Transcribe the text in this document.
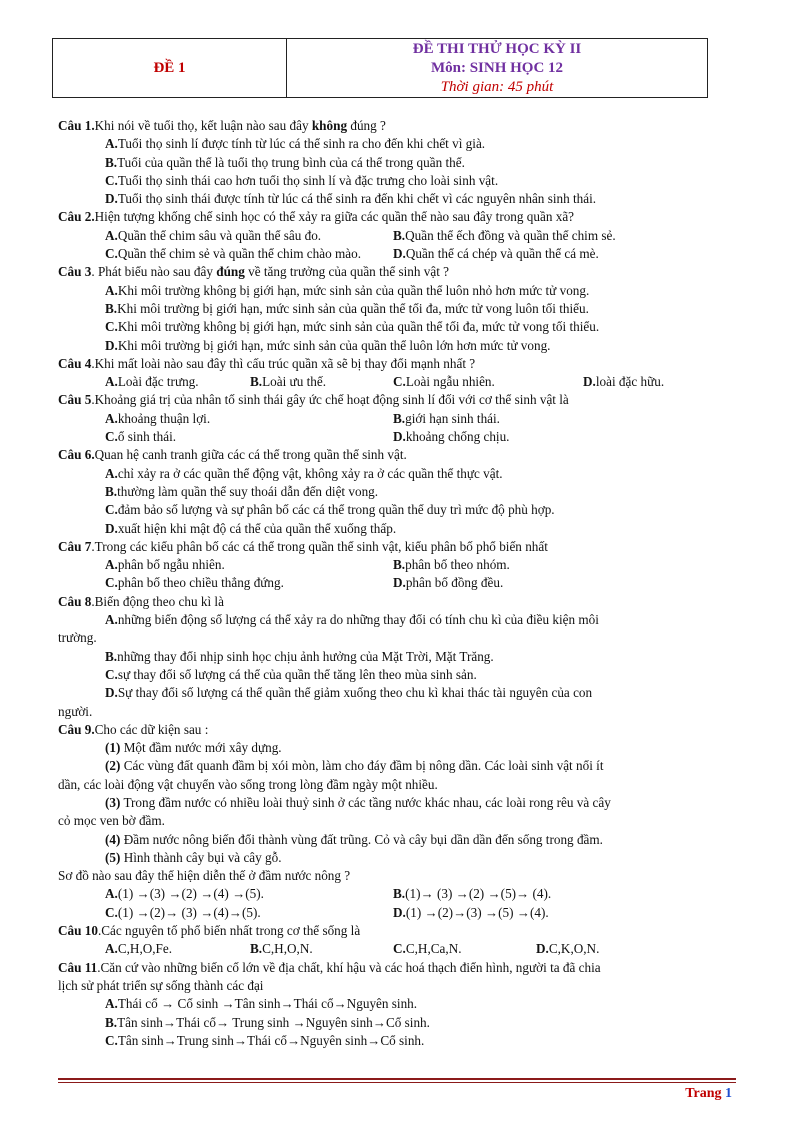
ĐỀ 1
ĐỀ THI THỬ HỌC KỲ II
Môn: SINH HỌC 12
Thời gian: 45 phút
Câu 1.Khi nói về tuổi thọ, kết luận nào sau đây không đúng ?
A.Tuổi thọ sinh lí được tính từ lúc cá thể sinh ra cho đến khi chết vì già.
B.Tuổi của quần thể là tuổi thọ trung bình của cá thể trong quần thể.
C.Tuổi thọ sinh thái cao hơn tuổi thọ sinh lí và đặc trưng cho loài sinh vật.
D.Tuổi thọ sinh thái được tính từ lúc cá thể sinh ra đến khi chết vì các nguyên nhân sinh thái.
Câu 2.Hiện tượng khống chế sinh học có thể xảy ra giữa các quần thể nào sau đây trong quần xã?
A.Quần thể chim sâu và quần thể sâu đo.	B.Quần thể ếch đồng và quần thể chim sẻ.
C.Quần thể chim sẻ và quần thể chim chào mào.	D.Quần thể cá chép và quần thể cá mè.
Câu 3. Phát biểu nào sau đây đúng về tăng trưởng của quần thể sinh vật ?
A.Khi môi trường không bị giới hạn, mức sinh sản của quần thể luôn nhỏ hơn mức tử vong.
B.Khi môi trường bị giới hạn, mức sinh sản của quần thể tối đa, mức tử vong luôn tối thiểu.
C.Khi môi trường không bị giới hạn, mức sinh sản của quần thể tối đa, mức tử vong tối thiểu.
D.Khi môi trường bị giới hạn, mức sinh sản của quần thể luôn lớn hơn mức tử vong.
Câu 4.Khi mất loài nào sau đây thì cấu trúc quần xã sẽ bị thay đổi mạnh nhất ?
A.Loài đặc trưng.	B.Loài ưu thế.	C.Loài ngẫu nhiên.	D.loài đặc hữu.
Câu 5.Khoảng giá trị của nhân tố sinh thái gây ức chế hoạt động sinh lí đối với cơ thể sinh vật là
A.khoảng thuận lợi.	B.giới hạn sinh thái.
C.ổ sinh thái.	D.khoảng chống chịu.
Câu 6.Quan hệ canh tranh giữa các cá thể trong quần thể sinh vật.
A.chỉ xảy ra ở các quần thể động vật, không xảy ra ở các quần thể thực vật.
B.thường làm quần thể suy thoái dẫn đến diệt vong.
C.đảm bảo số lượng và sự phân bố các cá thể trong quần thể duy trì mức độ phù hợp.
D.xuất hiện khi mật độ cá thể của quần thể xuống thấp.
Câu 7.Trong các kiểu phân bố các cá thể trong quần thể sinh vật, kiểu phân bố phổ biến nhất
A.phân bố ngẫu nhiên.	B.phân bố theo nhóm.
C.phân bố theo chiều thẳng đứng.	D.phân bố đồng đều.
Câu 8.Biến động theo chu kì là
A.những biến động số lượng cá thể xảy ra do những thay đổi có tính chu kì của điều kiện môi
trường.
B.những thay đổi nhịp sinh học chịu ảnh hưởng của Mặt Trời, Mặt Trăng.
C.sự thay đổi số lượng cá thể của quần thể tăng lên theo mùa sinh sản.
D.Sự thay đổi số lượng cá thể quần thể giảm xuống theo chu kì khai thác tài nguyên của con
người.
Câu 9.Cho các dữ kiện sau :
(1) Một đầm nước mới xây dựng.
(2) Các vùng đất quanh đầm bị xói mòn, làm cho đáy đầm bị nông dần. Các loài sinh vật nổi ít
dần, các loài động vật chuyển vào sống trong lòng đầm ngày một nhiều.
(3) Trong đầm nước có nhiều loài thuỷ sinh ở các tầng nước khác nhau, các loài rong rêu và cây
cỏ mọc ven bờ đầm.
(4) Đầm nước nông biến đổi thành vùng đất trũng. Cỏ và cây bụi dần dần đến sống trong đầm.
(5) Hình thành cây bụi và cây gỗ.
Sơ đồ nào sau đây thể hiện diễn thế ở đầm nước nông ?
A.(1) →(3) →(2) →(4) →(5).	B.(1)→ (3) →(2) →(5)→ (4).
C.(1) →(2)→ (3) →(4)→(5).	D.(1) →(2)→(3) →(5) →(4).
Câu 10.Các nguyên tố phổ biến nhất trong cơ thể sống là
A.C,H,O,Fe.	B.C,H,O,N.	C.C,H,Ca,N.	D.C,K,O,N.
Câu 11.Căn cứ vào những biến cố lớn về địa chất, khí hậu và các hoá thạch điển hình, người ta đã chia
lịch sử phát triển sự sống thành các đại
A.Thái cổ → Cổ sinh →Tân sinh→Thái cổ→Nguyên sinh.
B.Tân sinh→Thái cổ→ Trung sinh →Nguyên sinh→Cổ sinh.
C.Tân sinh→Trung sinh→Thái cổ→Nguyên sinh→Cổ sinh.
Trang 1
